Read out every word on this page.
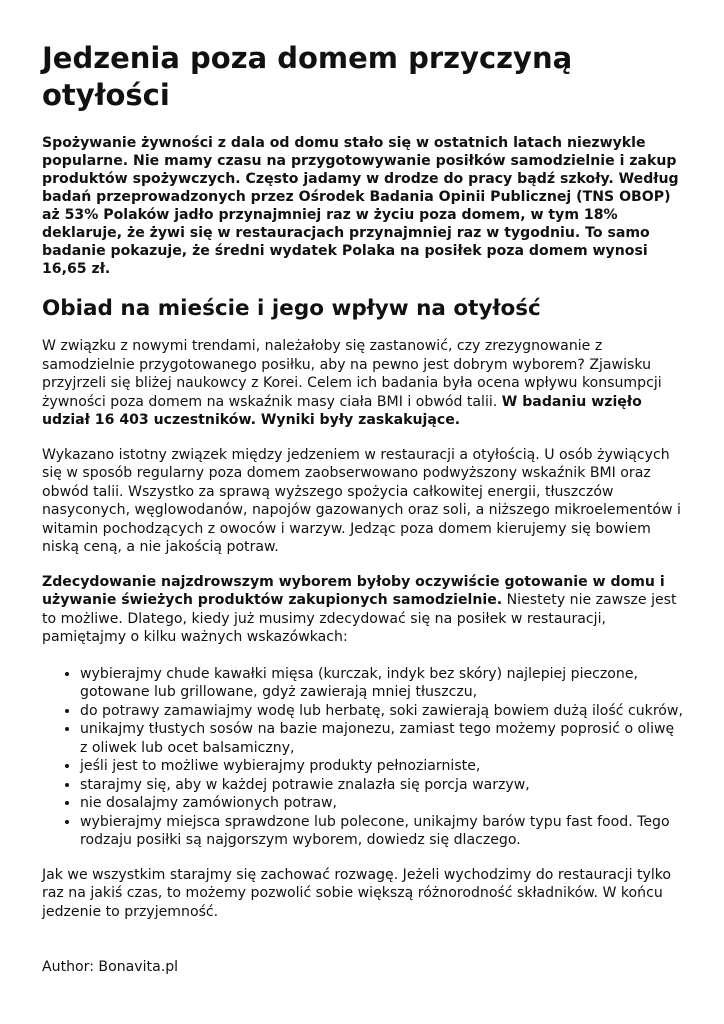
Jedzenia poza domem przyczyną otyłości

Spożywanie żywności z dala od domu stało się w ostatnich latach niezwykle popularne. Nie mamy czasu na przygotowywanie posiłków samodzielnie i zakup produktów spożywczych. Często jadamy w drodze do pracy bądź szkoły. Według badań przeprowadzonych przez Ośrodek Badania Opinii Publicznej (TNS OBOP) aż 53% Polaków jadło przynajmniej raz w życiu poza domem, w tym 18% deklaruje, że żywi się w restauracjach przynajmniej raz w tygodniu. To samo badanie pokazuje, że średni wydatek Polaka na posiłek poza domem wynosi 16,65 zł.

Obiad na mieście i jego wpływ na otyłość

W związku z nowymi trendami, należałoby się zastanowić, czy zrezygnowanie z samodzielnie przygotowanego posiłku, aby na pewno jest dobrym wyborem? Zjawisku przyjrzeli się bliżej naukowcy z Korei. Celem ich badania była ocena wpływu konsumpcji żywności poza domem na wskaźnik masy ciała BMI i obwód talii. W badaniu wzięło udział 16 403 uczestników. Wyniki były zaskakujące.

Wykazano istotny związek między jedzeniem w restauracji a otyłością. U osób żywiących się w sposób regularny poza domem zaobserwowano podwyższony wskaźnik BMI oraz obwód talii. Wszystko za sprawą wyższego spożycia całkowitej energii, tłuszczów nasyconych, węglowodanów, napojów gazowanych oraz soli, a niższego mikroelementów i witamin pochodzących z owoców i warzyw. Jedząc poza domem kierujemy się bowiem niską ceną, a nie jakością potraw.

Zdecydowanie najzdrowszym wyborem byłoby oczywiście gotowanie w domu i używanie świeżych produktów zakupionych samodzielnie. Niestety nie zawsze jest to możliwe. Dlatego, kiedy już musimy zdecydować się na posiłek w restauracji, pamiętajmy o kilku ważnych wskazówkach:

• wybierajmy chude kawałki mięsa (kurczak, indyk bez skóry) najlepiej pieczone, gotowane lub grillowane, gdyż zawierają mniej tłuszczu,
• do potrawy zamawiajmy wodę lub herbatę, soki zawierają bowiem dużą ilość cukrów,
• unikajmy tłustych sosów na bazie majonezu, zamiast tego możemy poprosić o oliwę z oliwek lub ocet balsamiczny,
• jeśli jest to możliwe wybierajmy produkty pełnoziarniste,
• starajmy się, aby w każdej potrawie znalazła się porcja warzyw,
• nie dosalajmy zamówionych potraw,
• wybierajmy miejsca sprawdzone lub polecone, unikajmy barów typu fast food. Tego rodzaju posiłki są najgorszym wyborem, dowiedz się dlaczego.

Jak we wszystkim starajmy się zachować rozwagę. Jeżeli wychodzimy do restauracji tylko raz na jakiś czas, to możemy pozwolić sobie większą różnorodność składników. W końcu jedzenie to przyjemność.

Author: Bonavita.pl
